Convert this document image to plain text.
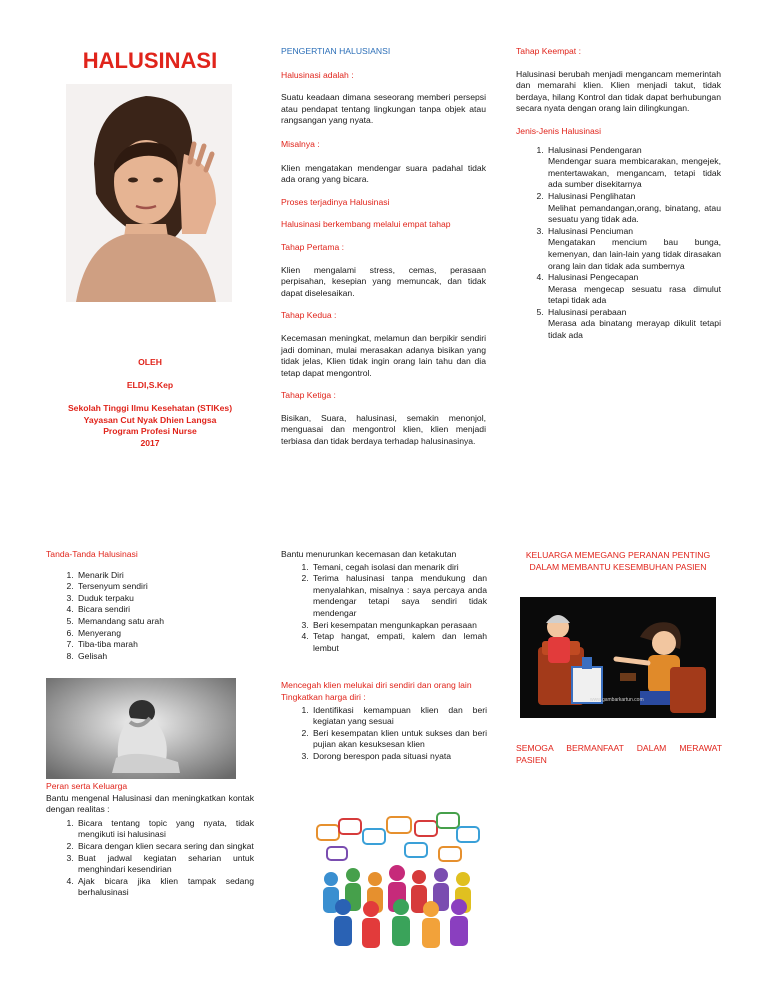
HALUSINASI
OLEH
ELDI,S.Kep
Sekolah Tinggi Ilmu Kesehatan (STIKes)
Yayasan Cut Nyak Dhien Langsa
Program Profesi Nurse
2017

PENGERTIAN HALUSIANSI

Halusinasi adalah :

Suatu keadaan dimana seseorang memberi persepsi atau pendapat tentang lingkungan tanpa objek atau rangsangan yang nyata.

Misalnya :

Klien mengatakan mendengar suara padahal tidak ada orang yang bicara.

Proses terjadinya Halusinasi

Halusinasi berkembang melalui empat tahap

Tahap Pertama :

Klien mengalami stress, cemas, perasaan perpisahan, kesepian yang memuncak, dan tidak dapat diselesaikan.

Tahap Kedua :

Kecemasan meningkat, melamun dan berpikir sendiri jadi dominan, mulai merasakan adanya bisikan yang tidak jelas, Klien tidak ingin orang lain tahu dan dia tetap dapat mengontrol.

Tahap Ketiga :

Bisikan, Suara, halusinasi, semakin menonjol, menguasai dan mengontrol klien, klien menjadi terbiasa dan tidak berdaya terhadap halusinasinya.

Tahap Keempat :

Halusinasi berubah menjadi mengancam memerintah dan memarahi klien. Klien menjadi takut, tidak berdaya, hilang Kontrol dan tidak dapat berhubungan secara nyata dengan orang lain dilingkungan.

Jenis-Jenis Halusinasi

1. Halusinasi Pendengaran

Mendengar suara membicarakan, mengejek, mentertawakan, mengancam, tetapi tidak ada sumber disekitarnya
2. Halusinasi Penglihatan

Melihat pemandangan,orang, binatang, atau sesuatu yang tidak ada.
3. Halusinasi Penciuman

Mengatakan mencium bau bunga, kemenyan, dan lain-lain yang tidak dirasakan orang lain dan tidak ada sumbernya
4. Halusinasi Pengecapan

Merasa mengecap sesuatu rasa dimulut tetapi tidak ada
5. Halusinasi perabaan

Merasa ada binatang merayap dikulit tetapi tidak ada

Tanda-Tanda Halusinasi

1. Menarik Diri
2. Tersenyum sendiri
3. Duduk terpaku
4. Bicara sendiri
5. Memandang satu arah
6. Menyerang
7. Tiba-tiba marah
8. Gelisah

Peran serta Keluarga

Bantu mengenal Halusinasi dan meningkatkan kontak dengan realitas :

1. Bicara tentang topic yang nyata, tidak mengikuti isi halusinasi
2. Bicara dengan klien secara sering dan singkat
3. Buat jadwal kegiatan seharian untuk menghindari kesendirian
4. Ajak bicara jika klien tampak sedang berhalusinasi

Bantu menurunkan kecemasan dan ketakutan

1. Temani, cegah isolasi dan menarik diri
2. Terima halusinasi tanpa mendukung dan menyalahkan, misalnya : saya percaya anda mendengar tetapi saya sendiri tidak mendengar
3. Beri kesempatan mengunkapkan perasaan
4. Tetap hangat, empati, kalem dan lemah lembut

Mencegah klien melukai diri sendiri dan orang lain Tingkatkan harga diri :

1. Identifikasi kemampuan klien dan beri kegiatan yang sesuai
2. Beri kesempatan klien untuk sukses dan beri pujian akan kesuksesan klien
3. Dorong berespon pada situasi nyata
KELUARGA MEMEGANG PERANAN PENTING DALAM MEMBANTU KESEMBUHAN PASIEN
www.gambarkartun.com
SEMOGA BERMANFAAT DALAM MERAWAT PASIEN
